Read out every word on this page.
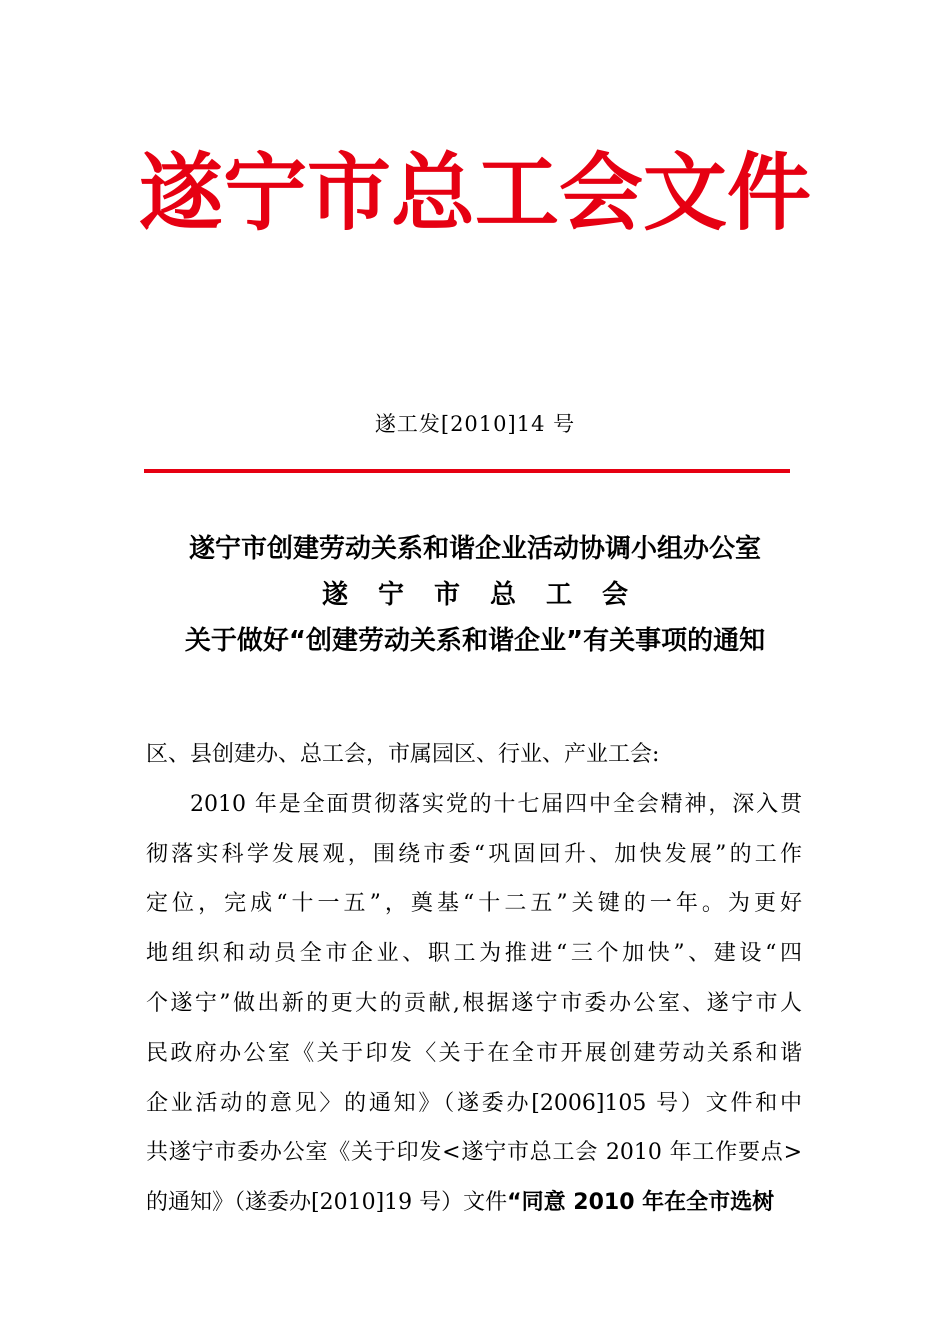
遂宁市总工会文件
遂工发[2010]14 号
遂宁市创建劳动关系和谐企业活动协调小组办公室
遂宁市总工会
关于做好“创建劳动关系和谐企业”有关事项的通知
区、县创建办、总工会，市属园区、行业、产业工会:
2010 年是全面贯彻落实党的十七届四中全会精神，深入贯
彻落实科学发展观，围绕市委“巩固回升、加快发展”的工作
定位，完成“十一五”，奠基“十二五”关键的一年。为更好
地组织和动员全市企业、职工为推进“三个加快”、建设“四
个遂宁”做出新的更大的贡献,根据遂宁市委办公室、遂宁市人
民政府办公室《关于印发〈关于在全市开展创建劳动关系和谐
企业活动的意见〉的通知》（遂委办[2006]105 号）文件和中
共遂宁市委办公室《关于印发<遂宁市总工会 2010 年工作要点>
的通知》（遂委办[2010]19 号）文件“同意 2010 年在全市选树
